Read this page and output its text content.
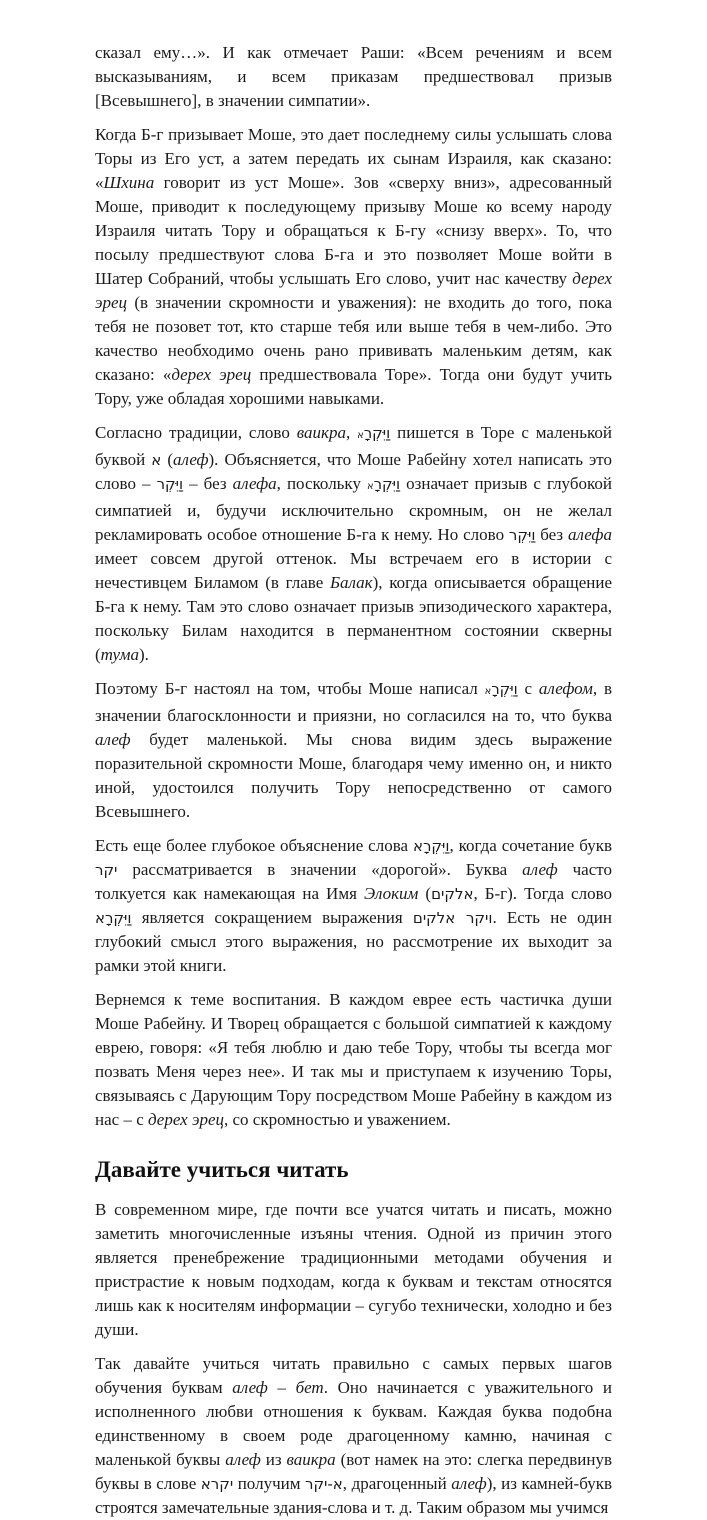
сказал ему…». И как отмечает Раши: «Всем речениям и всем высказываниям, и всем приказам предшествовал призыв [Всевышнего], в значении симпатии».

Когда Б-г призывает Моше, это дает последнему силы услышать слова Торы из Его уст, а затем передать их сынам Израиля, как сказано: «Шхина говорит из уст Моше». Зов «сверху вниз», адресованный Моше, приводит к последующему призыву Моше ко всему народу Израиля читать Тору и обращаться к Б-гу «снизу вверх». То, что посылу предшествуют слова Б-га и это позволяет Моше войти в Шатер Собраний, чтобы услышать Его слово, учит нас качеству дерех эрец (в значении скромности и уважения): не входить до того, пока тебя не позовет тот, кто старше тебя или выше тебя в чем-либо. Это качество необходимо очень рано прививать маленьким детям, как сказано: «дерех эрец предшествовала Торе». Тогда они будут учить Тору, уже обладая хорошими навыками.

Согласно традиции, слово ваикра, וַיִּקְרָא пишется в Торе с маленькой буквой א (алеф). Объясняется, что Моше Рабейну хотел написать это слово – וַיִּקְר – без алефа, поскольку וַיִּקְרָא означает призыв с глубокой симпатией и, будучи исключительно скромным, он не желал рекламировать особое отношение Б-га к нему. Но слово וַיִּקְר без алефа имеет совсем другой оттенок. Мы встречаем его в истории с нечестивцем Биламом (в главе Балак), когда описывается обращение Б-га к нему. Там это слово означает призыв эпизодического характера, поскольку Билам находится в перманентном состоянии скверны (тума).

Поэтому Б-г настоял на том, чтобы Моше написал וַיִּקְרָא с алефом, в значении благосклонности и приязни, но согласился на то, что буква алеф будет маленькой. Мы снова видим здесь выражение поразительной скромности Моше, благодаря чему именно он, и никто иной, удостоился получить Тору непосредственно от самого Всевышнего.

Есть еще более глубокое объяснение слова וַיִּקְרָא, когда сочетание букв יקר рассматривается в значении «дорогой». Буква алеф часто толкуется как намекающая на Имя Элоким (אלקים, Б-г). Тогда слово וַיִּקְרָא является сокращением выражения ויקר אלקים. Есть не один глубокий смысл этого выражения, но рассмотрение их выходит за рамки этой книги.

Вернемся к теме воспитания. В каждом еврее есть частичка души Моше Рабейну. И Творец обращается с большой симпатией к каждому еврею, говоря: «Я тебя люблю и даю тебе Тору, чтобы ты всегда мог позвать Меня через нее». И так мы и приступаем к изучению Торы, связываясь с Дарующим Тору посредством Моше Рабейну в каждом из нас – с дерех эрец, со скромностью и уважением.

Давайте учиться читать

В современном мире, где почти все учатся читать и писать, можно заметить многочисленные изъяны чтения. Одной из причин этого является пренебрежение традиционными методами обучения и пристрастие к новым подходам, когда к буквам и текстам относятся лишь как к носителям информации – сугубо технически, холодно и без души.

Так давайте учиться читать правильно с самых первых шагов обучения буквам алеф – бет. Оно начинается с уважительного и исполненного любви отношения к буквам. Каждая буква подобна единственному в своем роде драгоценному камню, начиная с маленькой буквы алеф из ваикра (вот намек на это: слегка передвинув буквы в слове יקרא получим א-יקר, драгоценный алеф), из камней-букв строятся замечательные здания-слова и т. д. Таким образом мы учимся
